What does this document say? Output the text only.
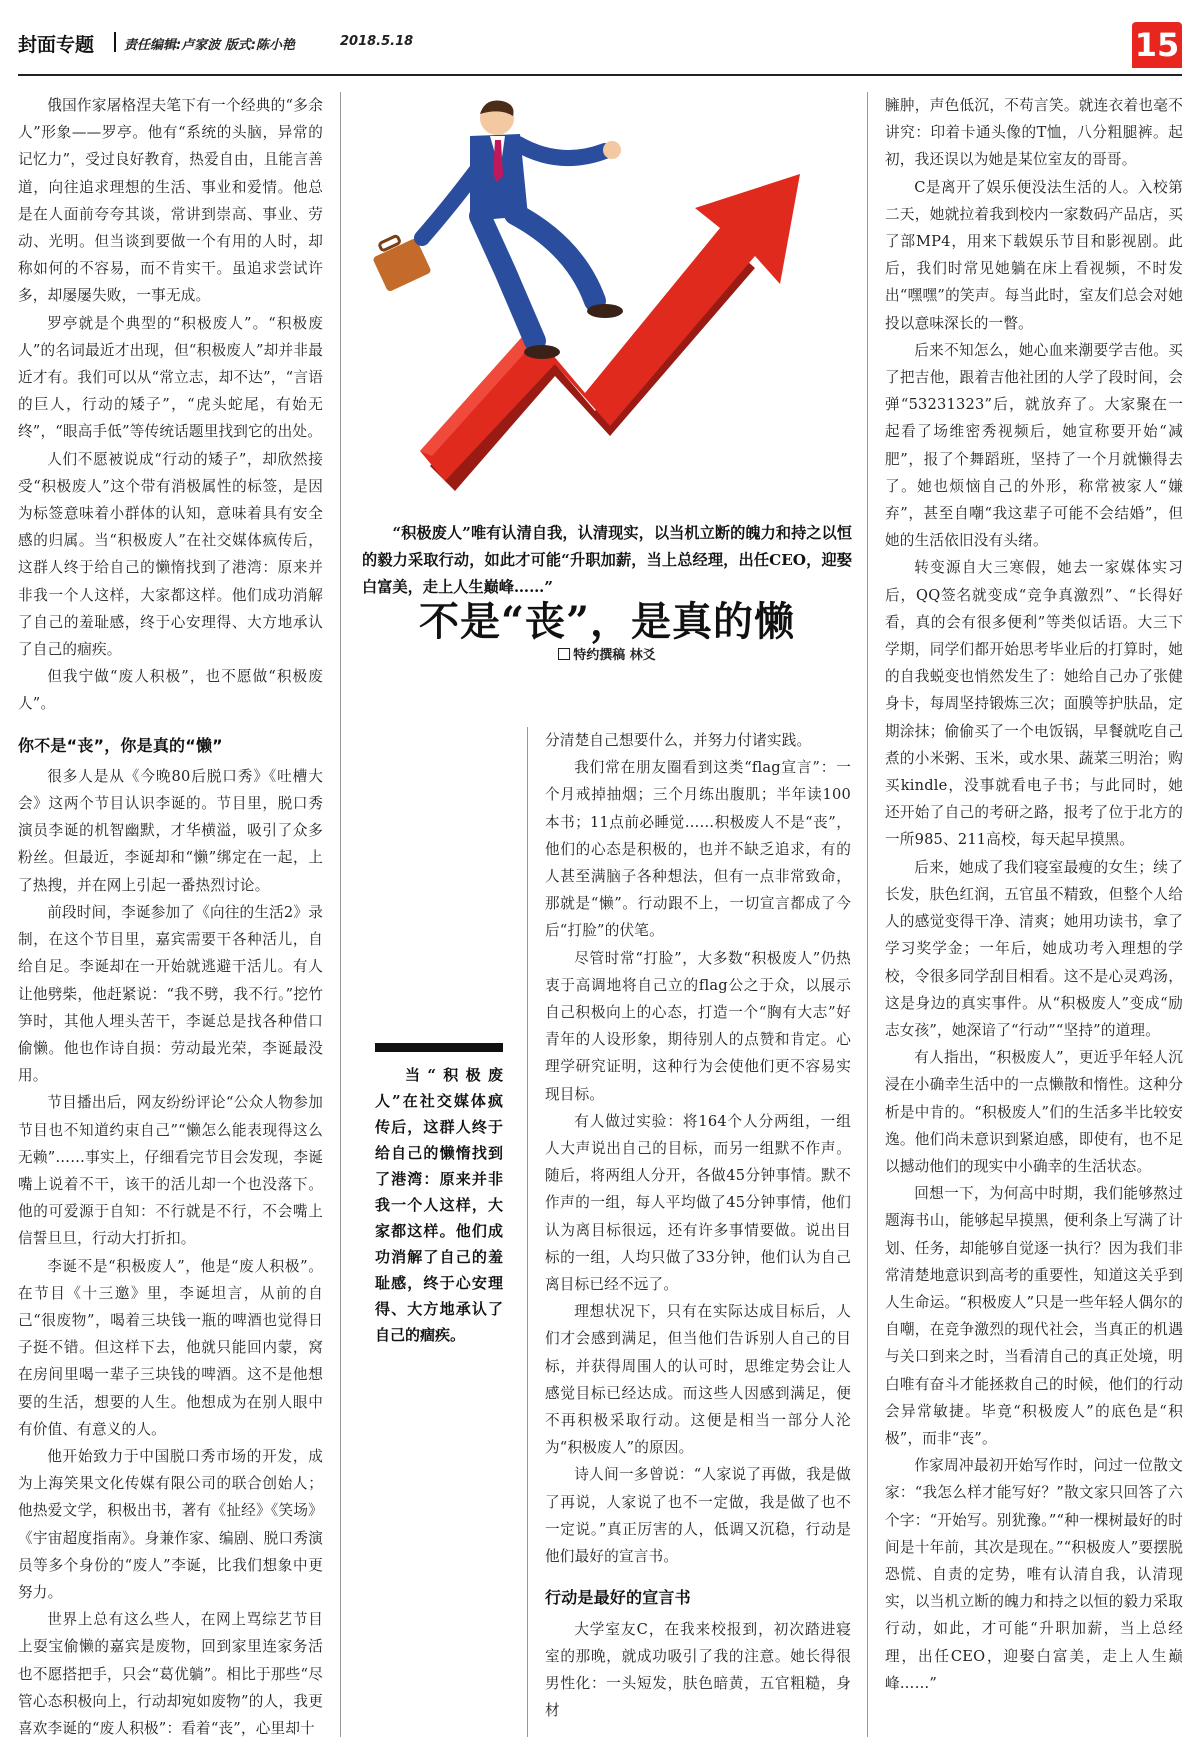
封面专题 责任编辑:卢家波 版式:陈小艳	2018.5.18	15

俄国作家屠格涅夫笔下有一个经典的“多余人”形象——罗亭。他有“系统的头脑，异常的记忆力”，受过良好教育，热爱自由，且能言善道，向往追求理想的生活、事业和爱情。他总是在人面前夸夸其谈，常讲到崇高、事业、劳动、光明。但当谈到要做一个有用的人时，却称如何的不容易，而不肯实干。虽追求尝试许多，却屡屡失败，一事无成。

罗亭就是个典型的“积极废人”。“积极废人”的名词最近才出现，但“积极废人”却并非最近才有。我们可以从“常立志，却不达”，“言语的巨人，行动的矮子”，“虎头蛇尾，有始无终”，“眼高手低”等传统话题里找到它的出处。

人们不愿被说成“行动的矮子”，却欣然接受“积极废人”这个带有消极属性的标签，是因为标签意味着小群体的认知，意味着具有安全感的归属。当“积极废人”在社交媒体疯传后，这群人终于给自己的懒惰找到了港湾：原来并非我一个人这样，大家都这样。他们成功消解了自己的羞耻感，终于心安理得、大方地承认了自己的痼疾。

但我宁做“废人积极”，也不愿做“积极废人”。

你不是“丧”，你是真的“懒”

很多人是从《今晚80后脱口秀》《吐槽大会》这两个节目认识李诞的。节目里，脱口秀演员李诞的机智幽默，才华横溢，吸引了众多粉丝。但最近，李诞却和“懒”绑定在一起，上了热搜，并在网上引起一番热烈讨论。

前段时间，李诞参加了《向往的生活2》录制，在这个节目里，嘉宾需要干各种活儿，自给自足。李诞却在一开始就逃避干活儿。有人让他劈柴，他赶紧说：“我不劈，我不行。”挖竹笋时，其他人埋头苦干，李诞总是找各种借口偷懒。他也作诗自损：劳动最光荣，李诞最没用。

节目播出后，网友纷纷评论“公众人物参加节目也不知道约束自己”“懒怎么能表现得这么无赖”……事实上，仔细看完节目会发现，李诞嘴上说着不干，该干的活儿却一个也没落下。他的可爱源于自知：不行就是不行，不会嘴上信誓旦旦，行动大打折扣。

李诞不是“积极废人”，他是“废人积极”。在节目《十三邀》里，李诞坦言，从前的自己“很废物”，喝着三块钱一瓶的啤酒也觉得日子挺不错。但这样下去，他就只能回内蒙，窝在房间里喝一辈子三块钱的啤酒。这不是他想要的生活，想要的人生。他想成为在别人眼中有价值、有意义的人。

他开始致力于中国脱口秀市场的开发，成为上海笑果文化传媒有限公司的联合创始人；他热爱文学，积极出书，著有《扯经》《笑场》《宇宙超度指南》。身兼作家、编剧、脱口秀演员等多个身份的“废人”李诞，比我们想象中更努力。

世界上总有这么些人，在网上骂综艺节目上耍宝偷懒的嘉宾是废物，回到家里连家务活也不愿搭把手，只会“葛优躺”。相比于那些“尽管心态积极向上，行动却宛如废物”的人，我更喜欢李诞的“废人积极”：看着“丧”，心里却十

“积极废人”唯有认清自我，认清现实，以当机立断的魄力和持之以恒的毅力采取行动，如此才可能“升职加薪，当上总经理，出任CEO，迎娶白富美，走上人生巅峰……”
不是“丧”，是真的懒
特约撰稿 林爻
当“积极废人”在社交媒体疯传后，这群人终于给自己的懒惰找到了港湾：原来并非我一个人这样，大家都这样。他们成功消解了自己的羞耻感，终于心安理得、大方地承认了自己的痼疾。

分清楚自己想要什么，并努力付诸实践。

我们常在朋友圈看到这类“flag宣言”：一个月戒掉抽烟；三个月练出腹肌；半年读100本书；11点前必睡觉……积极废人不是“丧”，他们的心态是积极的，也并不缺乏追求，有的人甚至满脑子各种想法，但有一点非常致命，那就是“懒”。行动跟不上，一切宣言都成了今后“打脸”的伏笔。

尽管时常“打脸”，大多数“积极废人”仍热衷于高调地将自己立的flag公之于众，以展示自己积极向上的心态，打造一个“胸有大志”好青年的人设形象，期待别人的点赞和肯定。心理学研究证明，这种行为会使他们更不容易实现目标。

有人做过实验：将164个人分两组，一组人大声说出自己的目标，而另一组默不作声。随后，将两组人分开，各做45分钟事情。默不作声的一组，每人平均做了45分钟事情，他们认为离目标很远，还有许多事情要做。说出目标的一组，人均只做了33分钟，他们认为自己离目标已经不远了。

理想状况下，只有在实际达成目标后，人们才会感到满足，但当他们告诉别人自己的目标，并获得周围人的认可时，思维定势会让人感觉目标已经达成。而这些人因感到满足，便不再积极采取行动。这便是相当一部分人沦为“积极废人”的原因。

诗人间一多曾说：“人家说了再做，我是做了再说，人家说了也不一定做，我是做了也不一定说。”真正厉害的人，低调又沉稳，行动是他们最好的宣言书。

行动是最好的宣言书

大学室友C，在我来校报到，初次踏进寝室的那晚，就成功吸引了我的注意。她长得很男性化：一头短发，肤色暗黄，五官粗糙，身材

臃肿，声色低沉，不苟言笑。就连衣着也毫不讲究：印着卡通头像的T恤，八分粗腿裤。起初，我还误以为她是某位室友的哥哥。

C是离开了娱乐便没法生活的人。入校第二天，她就拉着我到校内一家数码产品店，买了部MP4，用来下载娱乐节目和影视剧。此后，我们时常见她躺在床上看视频，不时发出“嘿嘿”的笑声。每当此时，室友们总会对她投以意味深长的一瞥。

后来不知怎么，她心血来潮要学吉他。买了把吉他，跟着吉他社团的人学了段时间，会弹“53231323”后，就放弃了。大家聚在一起看了场维密秀视频后，她宣称要开始“减肥”，报了个舞蹈班，坚持了一个月就懒得去了。她也烦恼自己的外形，称常被家人“嫌弃”，甚至自嘲“我这辈子可能不会结婚”，但她的生活依旧没有头绪。

转变源自大三寒假，她去一家媒体实习后，QQ签名就变成“竞争真激烈”、“长得好看，真的会有很多便利”等类似话语。大三下学期，同学们都开始思考毕业后的打算时，她的自我蜕变也悄然发生了：她给自己办了张健身卡，每周坚持锻炼三次；面膜等护肤品，定期涂抹；偷偷买了一个电饭锅，早餐就吃自己煮的小米粥、玉米，或水果、蔬菜三明治；购买kindle，没事就看电子书；与此同时，她还开始了自己的考研之路，报考了位于北方的一所985、211高校，每天起早摸黑。

后来，她成了我们寝室最瘦的女生；续了长发，肤色红润，五官虽不精致，但整个人给人的感觉变得干净、清爽；她用功读书，拿了学习奖学金；一年后，她成功考入理想的学校，令很多同学刮目相看。这不是心灵鸡汤，这是身边的真实事件。从“积极废人”变成“励志女孩”，她深谙了“行动”“坚持”的道理。

有人指出，“积极废人”，更近乎年轻人沉浸在小确幸生活中的一点懒散和惰性。这种分析是中肯的。“积极废人”们的生活多半比较安逸。他们尚未意识到紧迫感，即使有，也不足以撼动他们的现实中小确幸的生活状态。

回想一下，为何高中时期，我们能够熬过题海书山，能够起早摸黑，便利条上写满了计划、任务，却能够自觉逐一执行？因为我们非常清楚地意识到高考的重要性，知道这关乎到人生命运。“积极废人”只是一些年轻人偶尔的自嘲，在竞争激烈的现代社会，当真正的机遇与关口到来之时，当看清自己的真正处境，明白唯有奋斗才能拯救自己的时候，他们的行动会异常敏捷。毕竟“积极废人”的底色是“积极”，而非“丧”。

作家周冲最初开始写作时，问过一位散文家：“我怎么样才能写好？”散文家只回答了六个字：“开始写。别犹豫。”“种一棵树最好的时间是十年前，其次是现在。”“积极废人”要摆脱恐慌、自责的定势，唯有认清自我，认清现实，以当机立断的魄力和持之以恒的毅力采取行动，如此，才可能“升职加薪，当上总经理，出任CEO，迎娶白富美，走上人生巅峰……”
